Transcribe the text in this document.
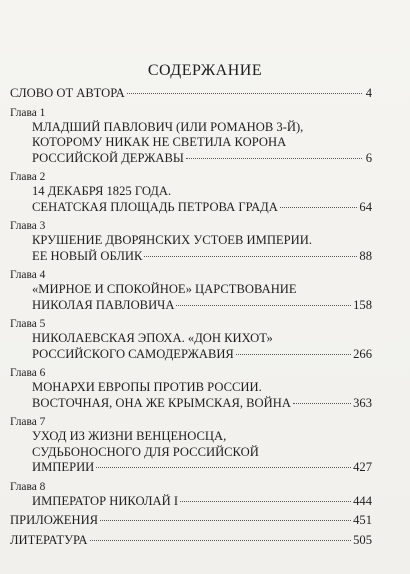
СОДЕРЖАНИЕ
СЛОВО ОТ АВТОРА	4
Глава 1
МЛАДШИЙ ПАВЛОВИЧ (ИЛИ РОМАНОВ 3-Й),
КОТОРОМУ НИКАК НЕ СВЕТИЛА КОРОНА
РОССИЙСКОЙ ДЕРЖАВЫ	6
Глава 2
14 ДЕКАБРЯ 1825 ГОДА.
СЕНАТСКАЯ ПЛОЩАДЬ ПЕТРОВА ГРАДА	64
Глава 3
КРУШЕНИЕ ДВОРЯНСКИХ УСТОЕВ ИМПЕРИИ.
ЕЕ НОВЫЙ ОБЛИК	88
Глава 4
«МИРНОЕ И СПОКОЙНОЕ» ЦАРСТВОВАНИЕ
НИКОЛАЯ ПАВЛОВИЧА	158
Глава 5
НИКОЛАЕВСКАЯ ЭПОХА. «ДОН КИХОТ»
РОССИЙСКОГО САМОДЕРЖАВИЯ	266
Глава 6
МОНАРХИ ЕВРОПЫ ПРОТИВ РОССИИ.
ВОСТОЧНАЯ, ОНА ЖЕ КРЫМСКАЯ, ВОЙНА	363
Глава 7
УХОД ИЗ ЖИЗНИ ВЕНЦЕНОСЦА,
СУДЬБОНОСНОГО ДЛЯ РОССИЙСКОЙ
ИМПЕРИИ	427
Глава 8
ИМПЕРАТОР НИКОЛАЙ I	444
ПРИЛОЖЕНИЯ	451
ЛИТЕРАТУРА	505
